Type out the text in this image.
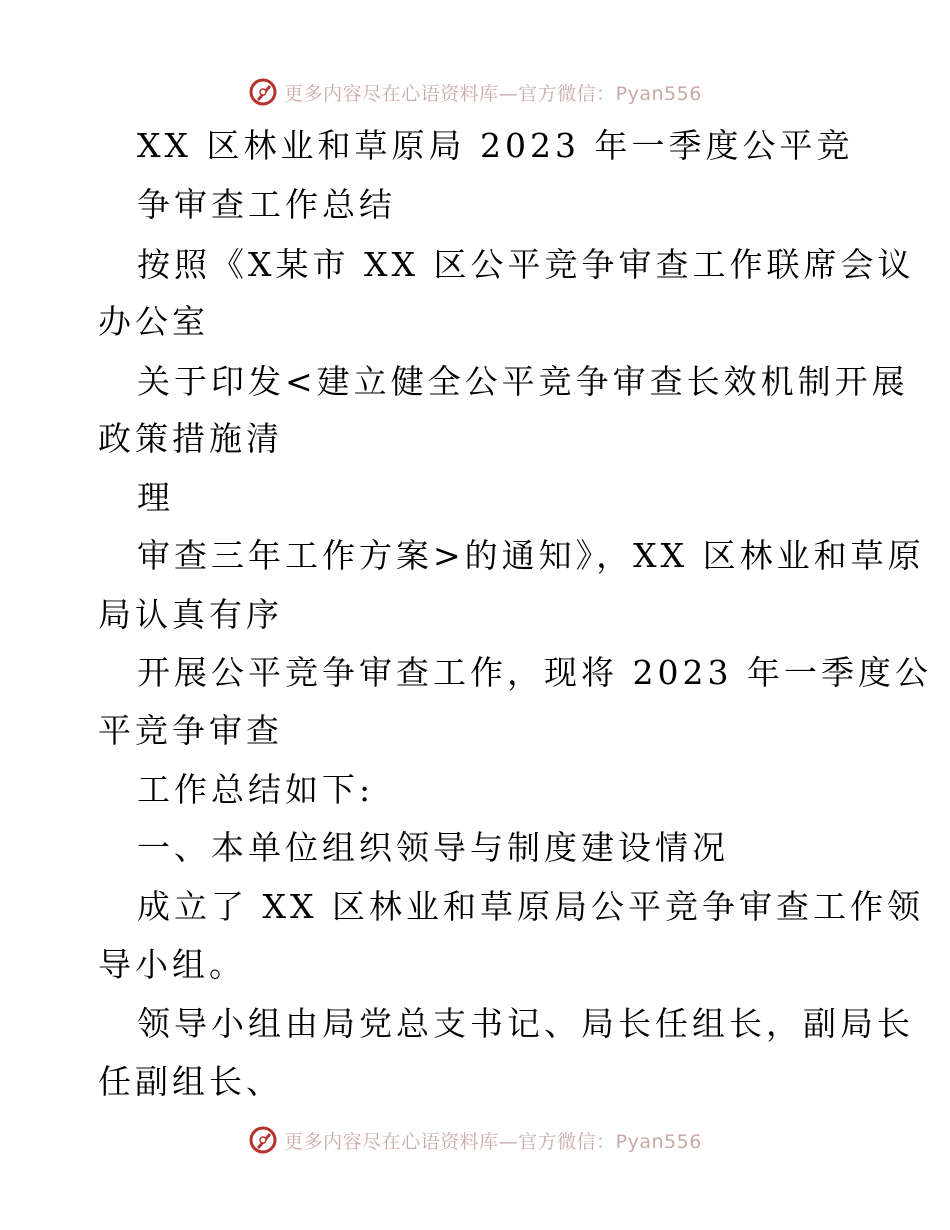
更多内容尽在心语资料库—官方微信：Pyan556
XX 区林业和草原局 2023 年一季度公平竞
争审查工作总结
按照《X某市 XX 区公平竞争审查工作联席会议
办公室
关于印发<建立健全公平竞争审查长效机制开展
政策措施清
理
审查三年工作方案>的通知》，XX 区林业和草原
局认真有序
开展公平竞争审查工作，现将 2023 年一季度公
平竞争审查
工作总结如下:
一、本单位组织领导与制度建设情况
成立了 XX 区林业和草原局公平竞争审查工作领
导小组。
领导小组由局党总支书记、局长任组长，副局长
任副组长、
更多内容尽在心语资料库—官方微信：Pyan556
